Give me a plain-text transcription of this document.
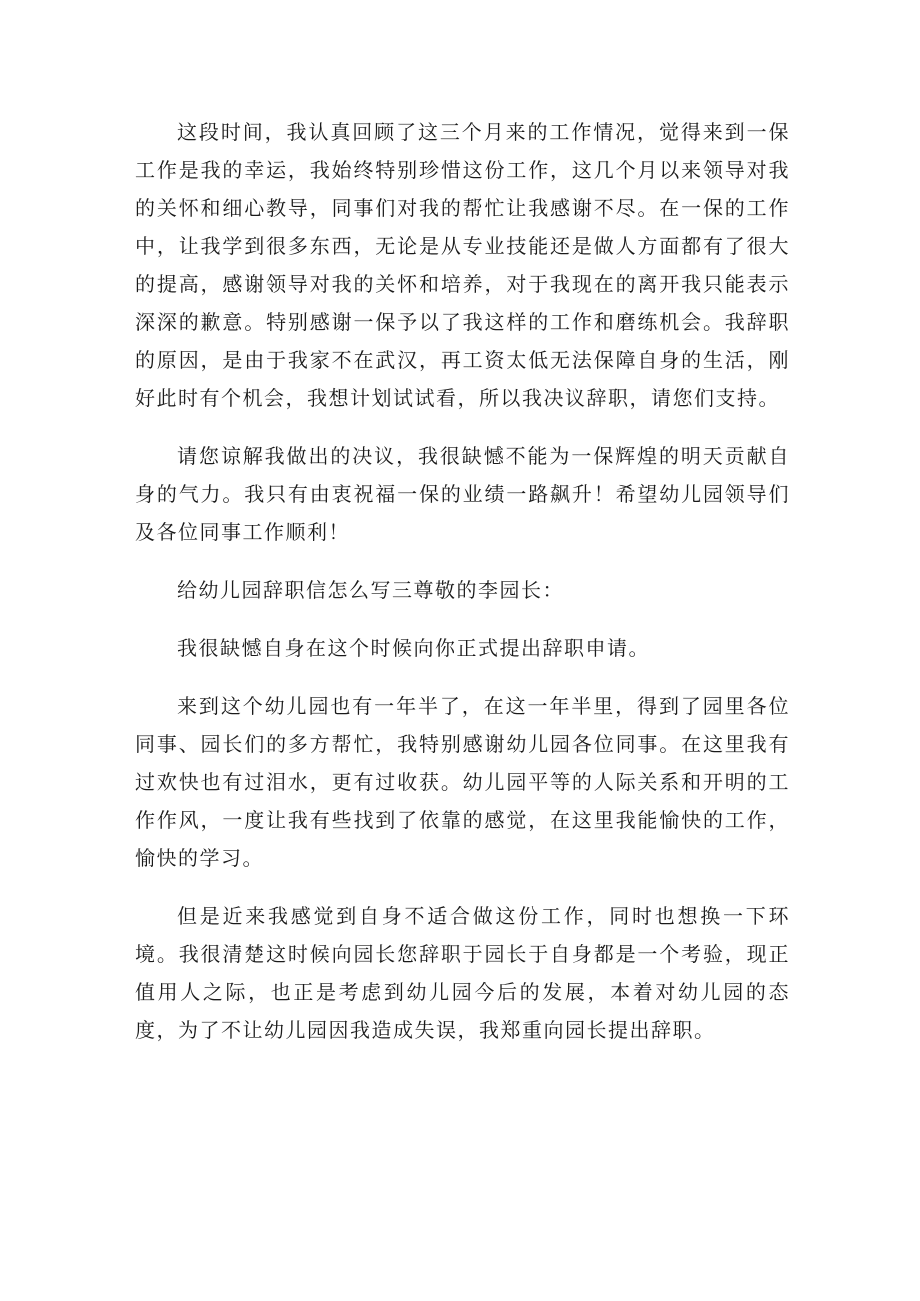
这段时间，我认真回顾了这三个月来的工作情况，觉得来到一保工作是我的幸运，我始终特别珍惜这份工作，这几个月以来领导对我的关怀和细心教导，同事们对我的帮忙让我感谢不尽。在一保的工作中，让我学到很多东西，无论是从专业技能还是做人方面都有了很大的提高，感谢领导对我的关怀和培养，对于我现在的离开我只能表示深深的歉意。特别感谢一保予以了我这样的工作和磨练机会。我辞职的原因，是由于我家不在武汉，再工资太低无法保障自身的生活，刚好此时有个机会，我想计划试试看，所以我决议辞职，请您们支持。

请您谅解我做出的决议，我很缺憾不能为一保辉煌的明天贡献自身的气力。我只有由衷祝福一保的业绩一路飙升！希望幼儿园领导们及各位同事工作顺利！

给幼儿园辞职信怎么写三尊敬的李园长：

我很缺憾自身在这个时候向你正式提出辞职申请。

来到这个幼儿园也有一年半了，在这一年半里，得到了园里各位同事、园长们的多方帮忙，我特别感谢幼儿园各位同事。在这里我有过欢快也有过泪水，更有过收获。幼儿园平等的人际关系和开明的工作作风，一度让我有些找到了依靠的感觉，在这里我能愉快的工作，愉快的学习。

但是近来我感觉到自身不适合做这份工作，同时也想换一下环境。我很清楚这时候向园长您辞职于园长于自身都是一个考验，现正值用人之际，也正是考虑到幼儿园今后的发展，本着对幼儿园的态度，为了不让幼儿园因我造成失误，我郑重向园长提出辞职。
